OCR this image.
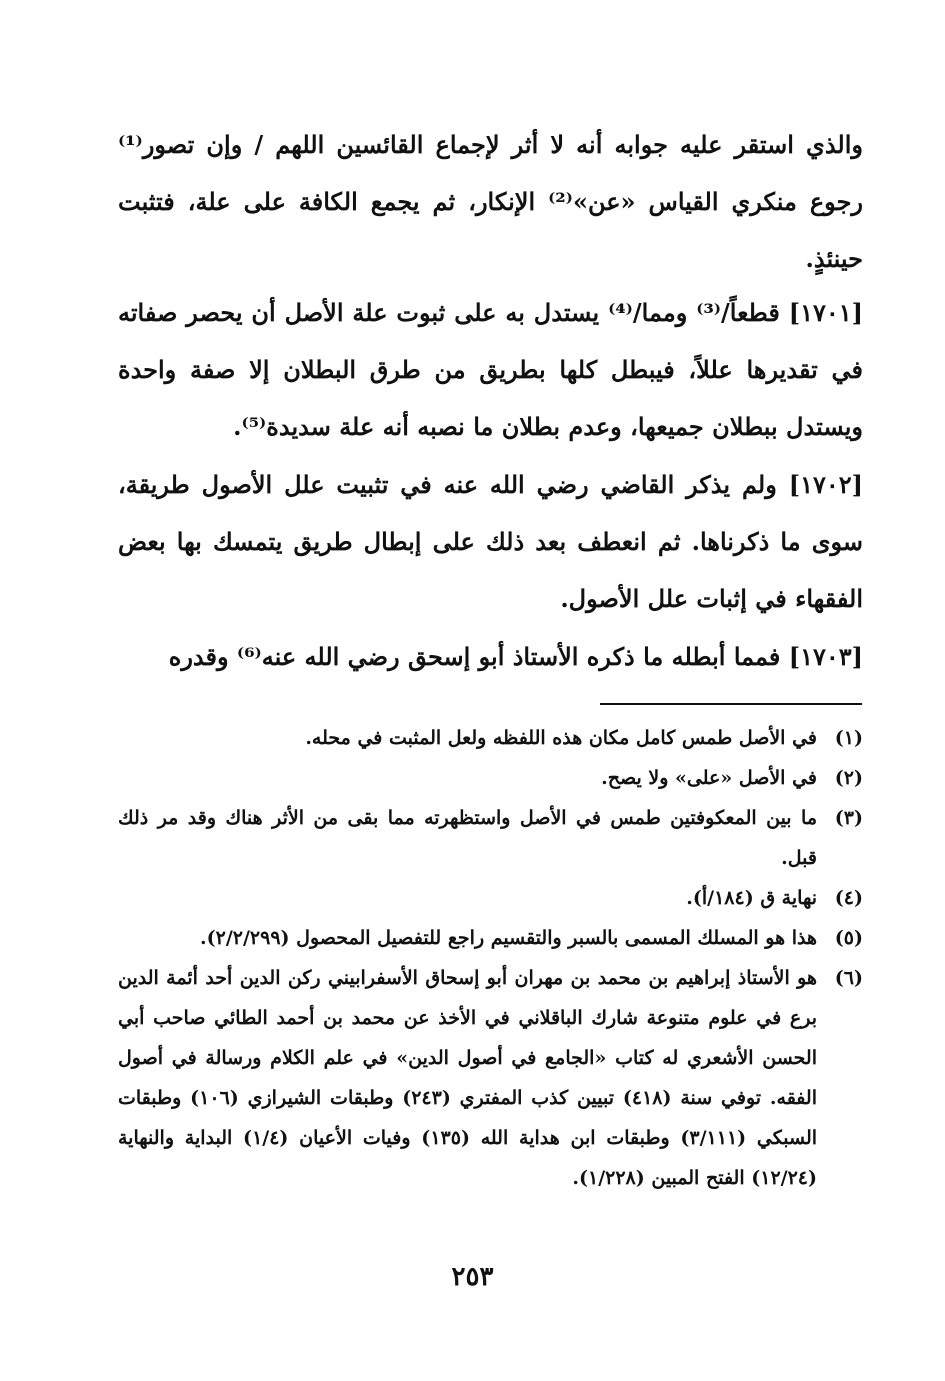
والذي استقر عليه جوابه أنه لا أثر لإجماع القائسين اللهم / وإن تصور⁽¹⁾ رجوع منكري القياس «عن»⁽²⁾ الإنكار، ثم يجمع الكافة على علة، فتثبت حينئذٍ.

[١٧٠١] قطعاً/⁽³⁾ ومما/⁽⁴⁾ يستدل به على ثبوت علة الأصل أن يحصر صفاته في تقديرها عللاً، فيبطل كلها بطريق من طرق البطلان إلا صفة واحدة ويستدل ببطلان جميعها، وعدم بطلان ما نصبه أنه علة سديدة⁽⁵⁾.

[١٧٠٢] ولم يذكر القاضي رضي الله عنه في تثبيت علل الأصول طريقة، سوى ما ذكرناها. ثم انعطف بعد ذلك على إبطال طريق يتمسك بها بعض الفقهاء في إثبات علل الأصول.

[١٧٠٣] فمما أبطله ما ذكره الأستاذ أبو إسحق رضي الله عنه⁽⁶⁾ وقدره

(١)
في الأصل طمس كامل مكان هذه اللفظه ولعل المثبت في محله.
(٢)
في الأصل «على» ولا يصح.
(٣)
ما بين المعكوفتين طمس في الأصل واستظهرته مما بقى من الأثر هناك وقد مر ذلك قبل.
(٤)
نهاية ق (١٨٤/أ).
(٥)
هذا هو المسلك المسمى بالسبر والتقسيم راجع للتفصيل المحصول (٢/٢/٢٩٩).
(٦)
هو الأستاذ إبراهيم بن محمد بن مهران أبو إسحاق الأسفرابيني ركن الدين أحد أئمة الدين برع في علوم متنوعة شارك الباقلاني في الأخذ عن محمد بن أحمد الطائي صاحب أبي الحسن الأشعري له كتاب «الجامع في أصول الدين» في علم الكلام ورسالة في أصول الفقه. توفي سنة (٤١٨) تبيين كذب المفتري (٢٤٣) وطبقات الشيرازي (١٠٦) وطبقات السبكي (٣/١١١) وطبقات ابن هداية الله (١٣٥) وفيات الأعيان (١/٤) البداية والنهاية (١٢/٢٤) الفتح المبين (١/٢٢٨).
٢٥٣
